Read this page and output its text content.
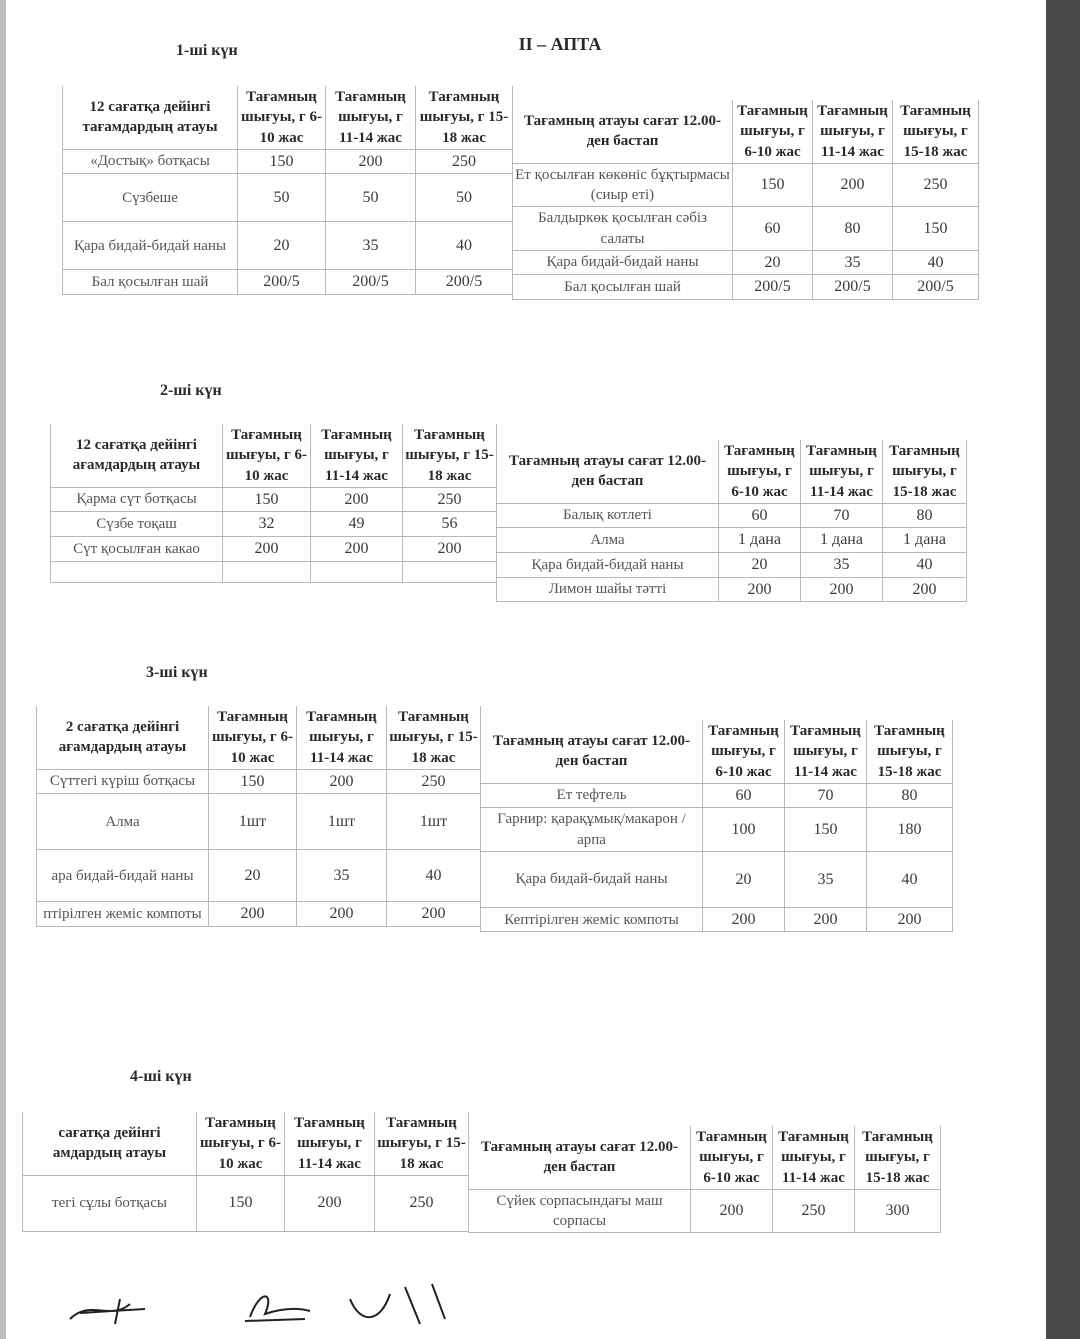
II – АПТА
1-ші күн
12 сағатқа дейінгі тағамдардың атауы	Тағамның шығуы, г 6-10 жас	Тағамның шығуы, г 11-14 жас	Тағамның шығуы, г 15-18 жас
«Достық» ботқасы	150	200	250
Сүзбеше	50	50	50
Қара бидай-бидай наны	20	35	40
Бал қосылған шай	200/5	200/5	200/5
Тағамның атауы сағат 12.00-ден бастап	Тағамның шығуы, г 6-10 жас	Тағамның шығуы, г 11-14 жас	Тағамның шығуы, г 15-18 жас
Ет қосылған көкөніс бұқтырмасы (сиыр еті)	150	200	250
Балдыркөк қосылған сәбіз салаты	60	80	150
Қара бидай-бидай наны	20	35	40
Бал қосылған шай	200/5	200/5	200/5
2-ші күн
12 сағатқа дейінгі ағамдардың атауы	Тағамның шығуы, г 6-10 жас	Тағамның шығуы, г 11-14 жас	Тағамның шығуы, г 15-18 жас
Қарма сүт ботқасы	150	200	250
Сүзбе тоқаш	32	49	56
Сүт қосылған какао	200	200	200

Тағамның атауы сағат 12.00-ден бастап	Тағамның шығуы, г 6-10 жас	Тағамның шығуы, г 11-14 жас	Тағамның шығуы, г 15-18 жас
Балық котлеті	60	70	80
Алма	1 дана	1 дана	1 дана
Қара бидай-бидай наны	20	35	40
Лимон шайы тәтті	200	200	200
3-ші күн
2 сағатқа дейінгі ағамдардың атауы	Тағамның шығуы, г 6-10 жас	Тағамның шығуы, г 11-14 жас	Тағамның шығуы, г 15-18 жас
Сүттегі күріш ботқасы	150	200	250
Алма	1шт	1шт	1шт
ара бидай-бидай наны	20	35	40
птірілген жеміс компоты	200	200	200
Тағамның атауы сағат 12.00-ден бастап	Тағамның шығуы, г 6-10 жас	Тағамның шығуы, г 11-14 жас	Тағамның шығуы, г 15-18 жас
Ет тефтель	60	70	80
Гарнир: қарақұмық/макарон / арпа	100	150	180
Қара бидай-бидай наны	20	35	40
Кептірілген жеміс компоты	200	200	200
4-ші күн
сағатқа дейінгі амдардың атауы	Тағамның шығуы, г 6-10 жас	Тағамның шығуы, г 11-14 жас	Тағамның шығуы, г 15-18 жас
тегі сұлы ботқасы	150	200	250
Тағамның атауы сағат 12.00-ден бастап	Тағамның шығуы, г 6-10 жас	Тағамның шығуы, г 11-14 жас	Тағамның шығуы, г 15-18 жас
Сүйек сорпасындағы маш сорпасы	200	250	300
